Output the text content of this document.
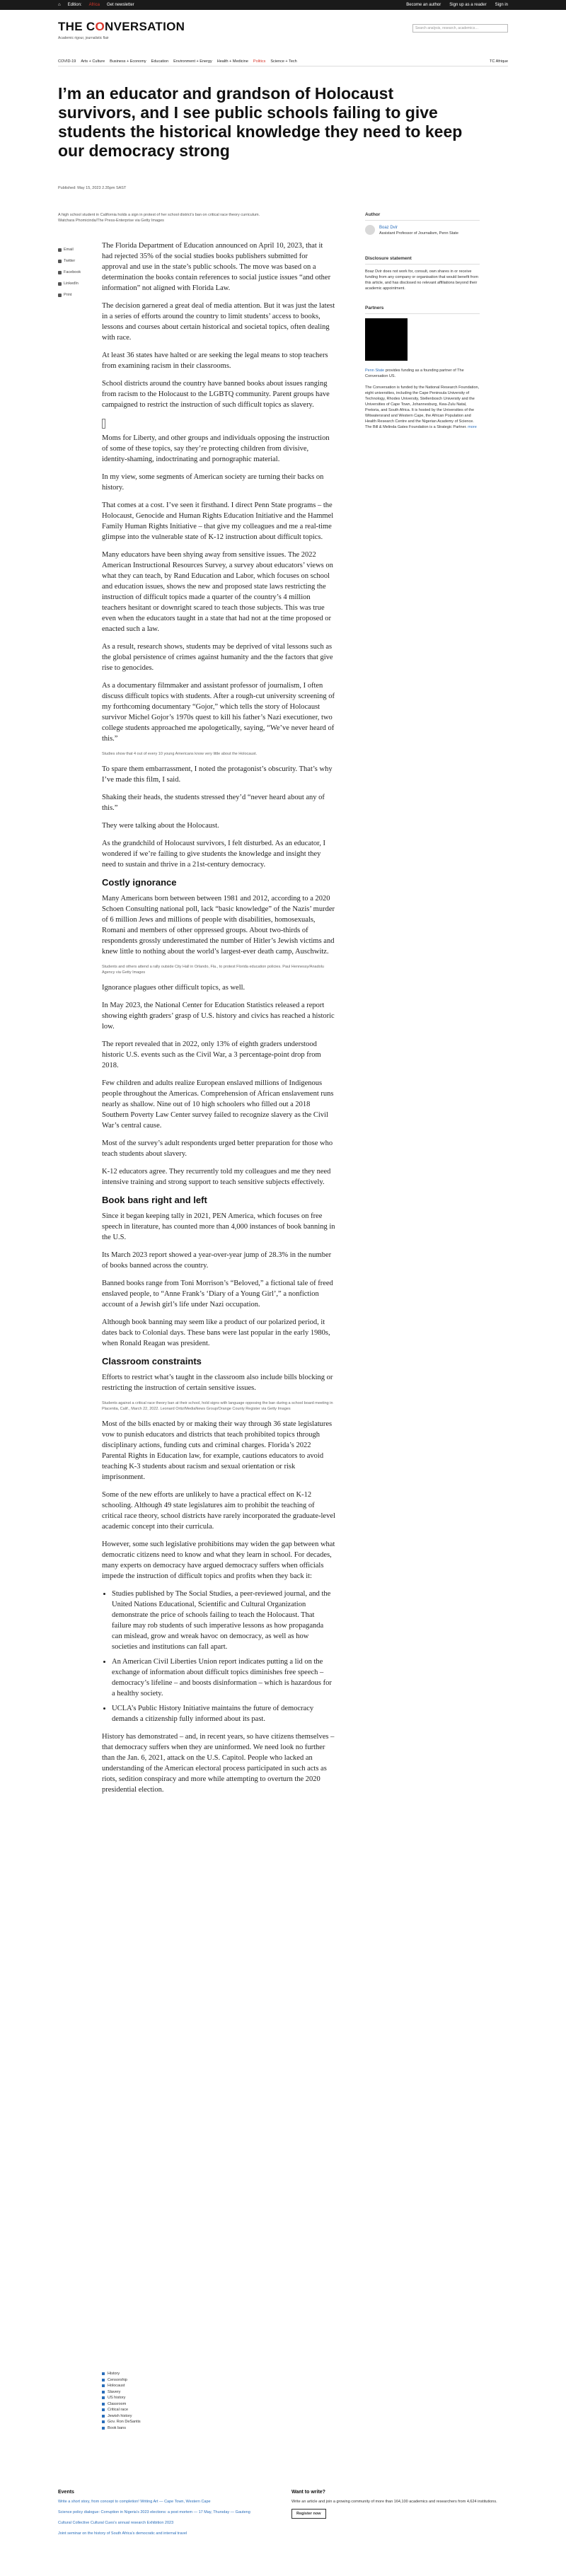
⌂ Edition: Africa Get newsletter	Become an author Sign up as a reader Sign in
THE CONVERSATION
Academic rigour, journalistic flair
Search analysis, research, academics…
COVID-19 Arts + Culture Business + Economy Education Environment + Energy Health + Medicine Politics Science + Tech	TC Afrique
I’m an educator and grandson of Holocaust survivors, and I see public schools failing to give students the historical knowledge they need to keep our democracy strong
Published: May 15, 2023 2.35pm SAST
A high school student in California holds a sign in protest of her school district’s ban on critical race theory curriculum.
Watchara Phomicinda/The Press-Enterprise via Getty Images
Email
Twitter
Facebook
LinkedIn
Print

The Florida Department of Education announced on April 10, 2023, that it had rejected 35% of the social studies books publishers submitted for approval and use in the state’s public schools. The move was based on a determination the books contain references to social justice issues “and other information” not aligned with Florida Law.

The decision garnered a great deal of media attention. But it was just the latest in a series of efforts around the country to limit students’ access to books, lessons and courses about certain historical and societal topics, often dealing with race.

At least 36 states have halted or are seeking the legal means to stop teachers from examining racism in their classrooms.

School districts around the country have banned books about issues ranging from racism to the Holocaust to the LGBTQ community. Parent groups have campaigned to restrict the instruction of such difficult topics as slavery.

Moms for Liberty, and other groups and individuals opposing the instruction of some of these topics, say they’re protecting children from divisive, identity-shaming, indoctrinating and pornographic material.

In my view, some segments of American society are turning their backs on history.

That comes at a cost. I’ve seen it firsthand. I direct Penn State programs – the Holocaust, Genocide and Human Rights Education Initiative and the Hammel Family Human Rights Initiative – that give my colleagues and me a real-time glimpse into the vulnerable state of K-12 instruction about difficult topics.

Many educators have been shying away from sensitive issues. The 2022 American Instructional Resources Survey, a survey about educators’ views on what they can teach, by Rand Education and Labor, which focuses on school and education issues, shows the new and proposed state laws restricting the instruction of difficult topics made a quarter of the country’s 4 million teachers hesitant or downright scared to teach those subjects. This was true even when the educators taught in a state that had not at the time proposed or enacted such a law.

As a result, research shows, students may be deprived of vital lessons such as the global persistence of crimes against humanity and the the factors that give rise to genocides.

As a documentary filmmaker and assistant professor of journalism, I often discuss difficult topics with students. After a rough-cut university screening of my forthcoming documentary “Gojor,” which tells the story of Holocaust survivor Michel Gojor’s 1970s quest to kill his father’s Nazi executioner, two college students approached me apologetically, saying, “We’ve never heard of this.”

Studies show that 4 out of every 10 young Americans know very little about the Holocaust.

To spare them embarrassment, I noted the protagonist’s obscurity. That’s why I’ve made this film, I said.

Shaking their heads, the students stressed they’d “never heard about any of this.”

They were talking about the Holocaust.

As the grandchild of Holocaust survivors, I felt disturbed. As an educator, I wondered if we’re failing to give students the knowledge and insight they need to sustain and thrive in a 21st-century democracy.

Costly ignorance

Many Americans born between between 1981 and 2012, according to a 2020 Schoen Consulting national poll, lack “basic knowledge” of the Nazis’ murder of 6 million Jews and millions of people with disabilities, homosexuals, Romani and members of other oppressed groups. About two-thirds of respondents grossly underestimated the number of Hitler’s Jewish victims and knew little to nothing about the world’s largest-ever death camp, Auschwitz.

Students and others attend a rally outside City Hall in Orlando, Fla., to protest Florida education policies. Paul Hennessy/Anadolu Agency via Getty Images

Ignorance plagues other difficult topics, as well.

In May 2023, the National Center for Education Statistics released a report showing eighth graders’ grasp of U.S. history and civics has reached a historic low.

The report revealed that in 2022, only 13% of eighth graders understood historic U.S. events such as the Civil War, a 3 percentage-point drop from 2018.

Few children and adults realize European enslaved millions of Indigenous people throughout the Americas. Comprehension of African enslavement runs nearly as shallow. Nine out of 10 high schoolers who filled out a 2018 Southern Poverty Law Center survey failed to recognize slavery as the Civil War’s central cause.

Most of the survey’s adult respondents urged better preparation for those who teach students about slavery.

K-12 educators agree. They recurrently told my colleagues and me they need intensive training and strong support to teach sensitive subjects effectively.

Book bans right and left

Since it began keeping tally in 2021, PEN America, which focuses on free speech in literature, has counted more than 4,000 instances of book banning in the U.S.

Its March 2023 report showed a year-over-year jump of 28.3% in the number of books banned across the country.

Banned books range from Toni Morrison’s “Beloved,” a fictional tale of freed enslaved people, to “Anne Frank’s ‘Diary of a Young Girl’,” a nonfiction account of a Jewish girl’s life under Nazi occupation.

Although book banning may seem like a product of our polarized period, it dates back to Colonial days. These bans were last popular in the early 1980s, when Ronald Reagan was president.

Classroom constraints

Efforts to restrict what’s taught in the classroom also include bills blocking or restricting the instruction of certain sensitive issues.

Students against a critical race theory ban at their school, hold signs with language opposing the ban during a school board meeting in Placentia, Calif., March 22, 2022. Leonard Ortiz/MediaNews Group/Orange County Register via Getty Images

Most of the bills enacted by or making their way through 36 state legislatures vow to punish educators and districts that teach prohibited topics through disciplinary actions, funding cuts and criminal charges. Florida’s 2022 Parental Rights in Education law, for example, cautions educators to avoid teaching K-3 students about racism and sexual orientation or risk imprisonment.

Some of the new efforts are unlikely to have a practical effect on K-12 schooling. Although 49 state legislatures aim to prohibit the teaching of critical race theory, school districts have rarely incorporated the graduate-level academic concept into their curricula.

However, some such legislative prohibitions may widen the gap between what democratic citizens need to know and what they learn in school. For decades, many experts on democracy have argued democracy suffers when officials impede the instruction of difficult topics and profits when they back it:

• Studies published by The Social Studies, a peer-reviewed journal, and the United Nations Educational, Scientific and Cultural Organization demonstrate the price of schools failing to teach the Holocaust. That failure may rob students of such imperative lessons as how propaganda can mislead, grow and wreak havoc on democracy, as well as how societies and institutions can fall apart.
• An American Civil Liberties Union report indicates putting a lid on the exchange of information about difficult topics diminishes free speech – democracy’s lifeline – and boosts disinformation – which is hazardous for a healthy society.
• UCLA’s Public History Initiative maintains the future of democracy demands a citizenship fully informed about its past.

History has demonstrated – and, in recent years, so have citizens themselves – that democracy suffers when they are uninformed. We need look no further than the Jan. 6, 2021, attack on the U.S. Capitol. People who lacked an understanding of the American electoral process participated in such acts as riots, sedition conspiracy and more while attempting to overturn the 2020 presidential election.

Author
Boaz Dvir
Assistant Professor of Journalism, Penn State
Disclosure statement
Boaz Dvir does not work for, consult, own shares in or receive funding from any company or organisation that would benefit from this article, and has disclosed no relevant affiliations beyond their academic appointment.
Partners
Penn State provides funding as a founding partner of The Conversation US.
The Conversation is funded by the National Research Foundation, eight universities, including the Cape Peninsula University of Technology, Rhodes University, Stellenbosch University and the Universities of Cape Town, Johannesburg, Kwa-Zulu Natal, Pretoria, and South Africa. It is hosted by the Universities of the Witwatersrand and Western Cape, the African Population and Health Research Centre and the Nigerian Academy of Science. The Bill & Melinda Gates Foundation is a Strategic Partner. more
History
Censorship
Holocaust
Slavery
US history
Classroom
Critical race
Jewish history
Gov. Ron DeSantis
Book bans
Events
Write a short story, from concept to completion! Writing Art — Cape Town, Western Cape
Science policy dialogue: Corruption in Nigeria’s 2023 elections: a post mortem — 17 May, Thursday — Gauteng
Cultural Collective Cultural Cues’s annual research Exhibition 2023
Joint seminar on the history of South Africa’s democratic and internal travel
Want to write?
Write an article and join a growing community of more than 164,100 academics and researchers from 4,624 institutions.
Register now
